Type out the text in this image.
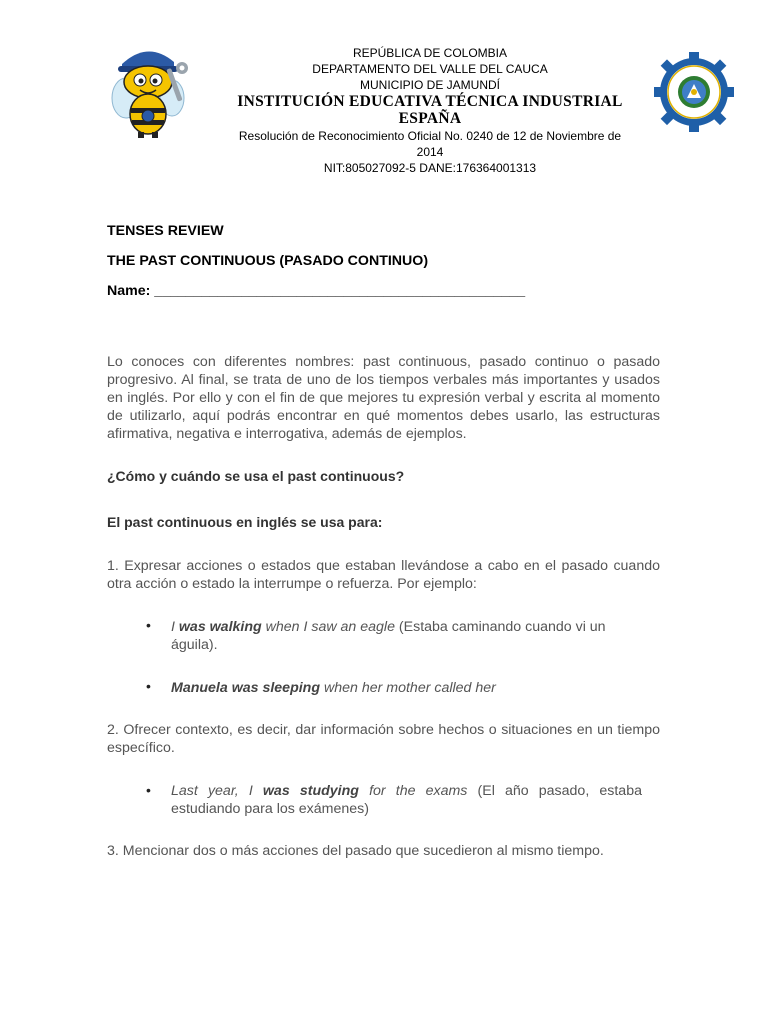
REPÚBLICA DE COLOMBIA
DEPARTAMENTO DEL VALLE DEL CAUCA
MUNICIPIO DE JAMUNDÍ
INSTITUCIÓN EDUCATIVA TÉCNICA INDUSTRIAL
ESPAÑA
Resolución de Reconocimiento Oficial No. 0240 de 12 de Noviembre de
2014
NIT:805027092-5 DANE:176364001313
TENSES REVIEW
THE PAST CONTINUOUS (PASADO CONTINUO)
Name: _______________________________________________
Lo conoces con diferentes nombres: past continuous, pasado continuo o pasado progresivo. Al final, se trata de uno de los tiempos verbales más importantes y usados en inglés. Por ello y con el fin de que mejores tu expresión verbal y escrita al momento de utilizarlo, aquí podrás encontrar en qué momentos debes usarlo, las estructuras afirmativa, negativa e interrogativa, además de ejemplos.
¿Cómo y cuándo se usa el past continuous?
El past continuous en inglés se usa para:
1. Expresar acciones o estados que estaban llevándose a cabo en el pasado cuando otra acción o estado la interrumpe o refuerza. Por ejemplo:
• I was walking when I saw an eagle (Estaba caminando cuando vi un águila).
• Manuela was sleeping when her mother called her
2. Ofrecer contexto, es decir, dar información sobre hechos o situaciones en un tiempo específico.
• Last year, I was studying for the exams (El año pasado, estaba estudiando para los exámenes)
3. Mencionar dos o más acciones del pasado que sucedieron al mismo tiempo.
